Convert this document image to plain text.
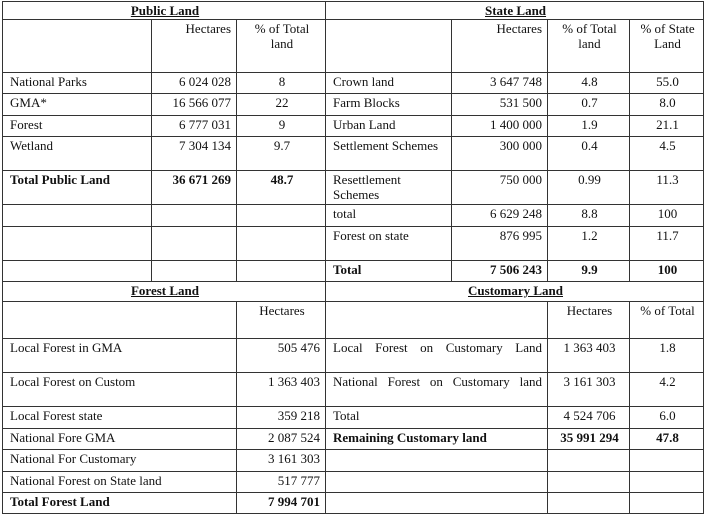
Public Land			State Land			
	Hectares	% of Total land		Hectares	% of Total land	% of State Land
National Parks	6 024 028	8	Crown land	3 647 748	4.8	55.0
GMA*	16 566 077	22	Farm Blocks	531 500	0.7	8.0
Forest	6 777 031	9	Urban Land	1 400 000	1.9	21.1
Wetland	7 304 134	9.7	Settlement Schemes	300 000	0.4	4.5
Total Public Land	36 671 269	48.7	Resettlement Schemes	750 000	0.99	11.3
			total	6 629 248	8.8	100
			Forest on state	876 995	1.2	11.7
			Total	7 506 243	9.9	100
Forest Land			Customary Land			
		Hectares			Hectares	% of Total
Local Forest in GMA		505 476	Local Forest on Customary Land		1 363 403	1.8
Local Forest on Custom		1 363 403	National Forest on Customary land		3 161 303	4.2
Local Forest state		359 218	Total		4 524 706	6.0
National Fore GMA		2 087 524	Remaining Customary land		35 991 294	47.8
National For Customary		3 161 303				
National Forest on State land		517 777				
Total Forest Land		7 994 701				
